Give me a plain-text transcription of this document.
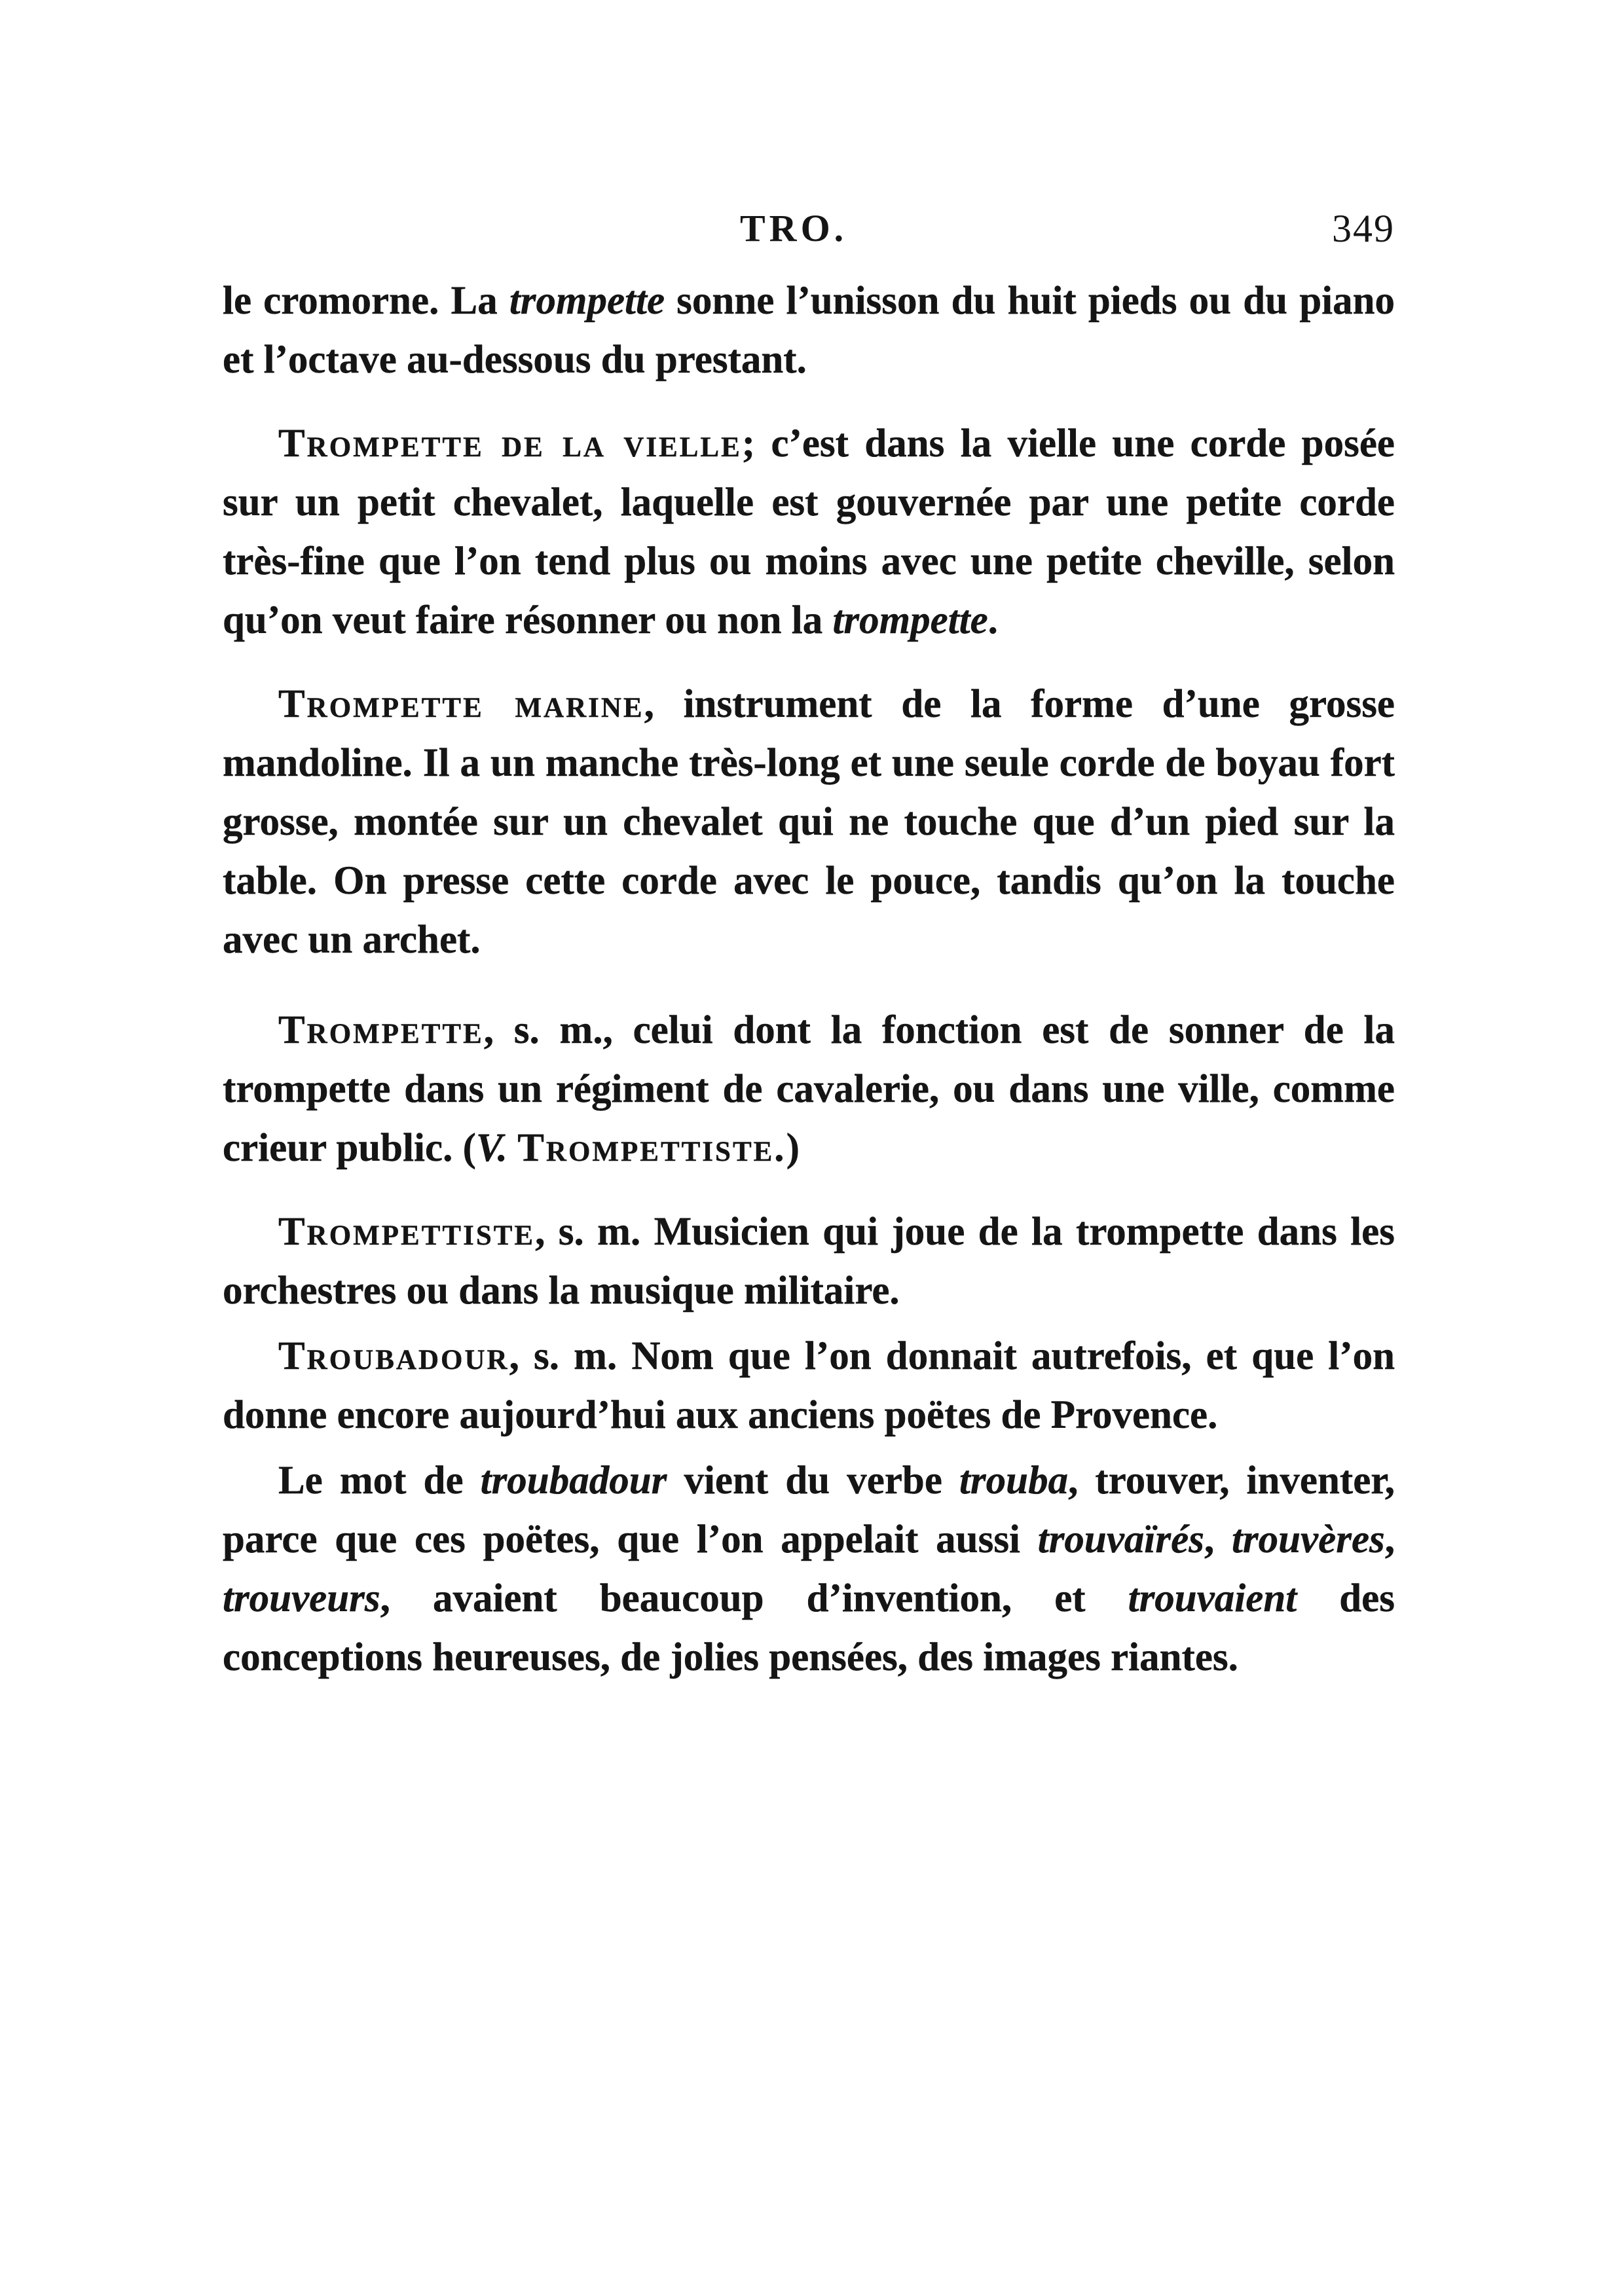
TRO.	349

le cromorne. La trompette sonne l’unisson du huit pieds ou du piano et l’octave au-dessous du prestant.

Trompette de la vielle; c’est dans la vielle une corde posée sur un petit chevalet, laquelle est gouvernée par une petite corde très-fine que l’on tend plus ou moins avec une petite cheville, selon qu’on veut faire résonner ou non la trompette.

Trompette marine, instrument de la forme d’une grosse mandoline. Il a un manche très-long et une seule corde de boyau fort grosse, montée sur un chevalet qui ne touche que d’un pied sur la table. On presse cette corde avec le pouce, tandis qu’on la touche avec un archet.

Trompette, s. m., celui dont la fonction est de sonner de la trompette dans un régiment de cavalerie, ou dans une ville, comme crieur public. (V. Trompettiste.)

Trompettiste, s. m. Musicien qui joue de la trompette dans les orchestres ou dans la musique militaire.

Troubadour, s. m. Nom que l’on donnait autrefois, et que l’on donne encore aujourd’hui aux anciens poëtes de Provence.

Le mot de troubadour vient du verbe trouba, trouver, inventer, parce que ces poëtes, que l’on appelait aussi trouvaïrés, trouvères, trouveurs, avaient beaucoup d’invention, et trouvaient des conceptions heureuses, de jolies pensées, des images riantes.
